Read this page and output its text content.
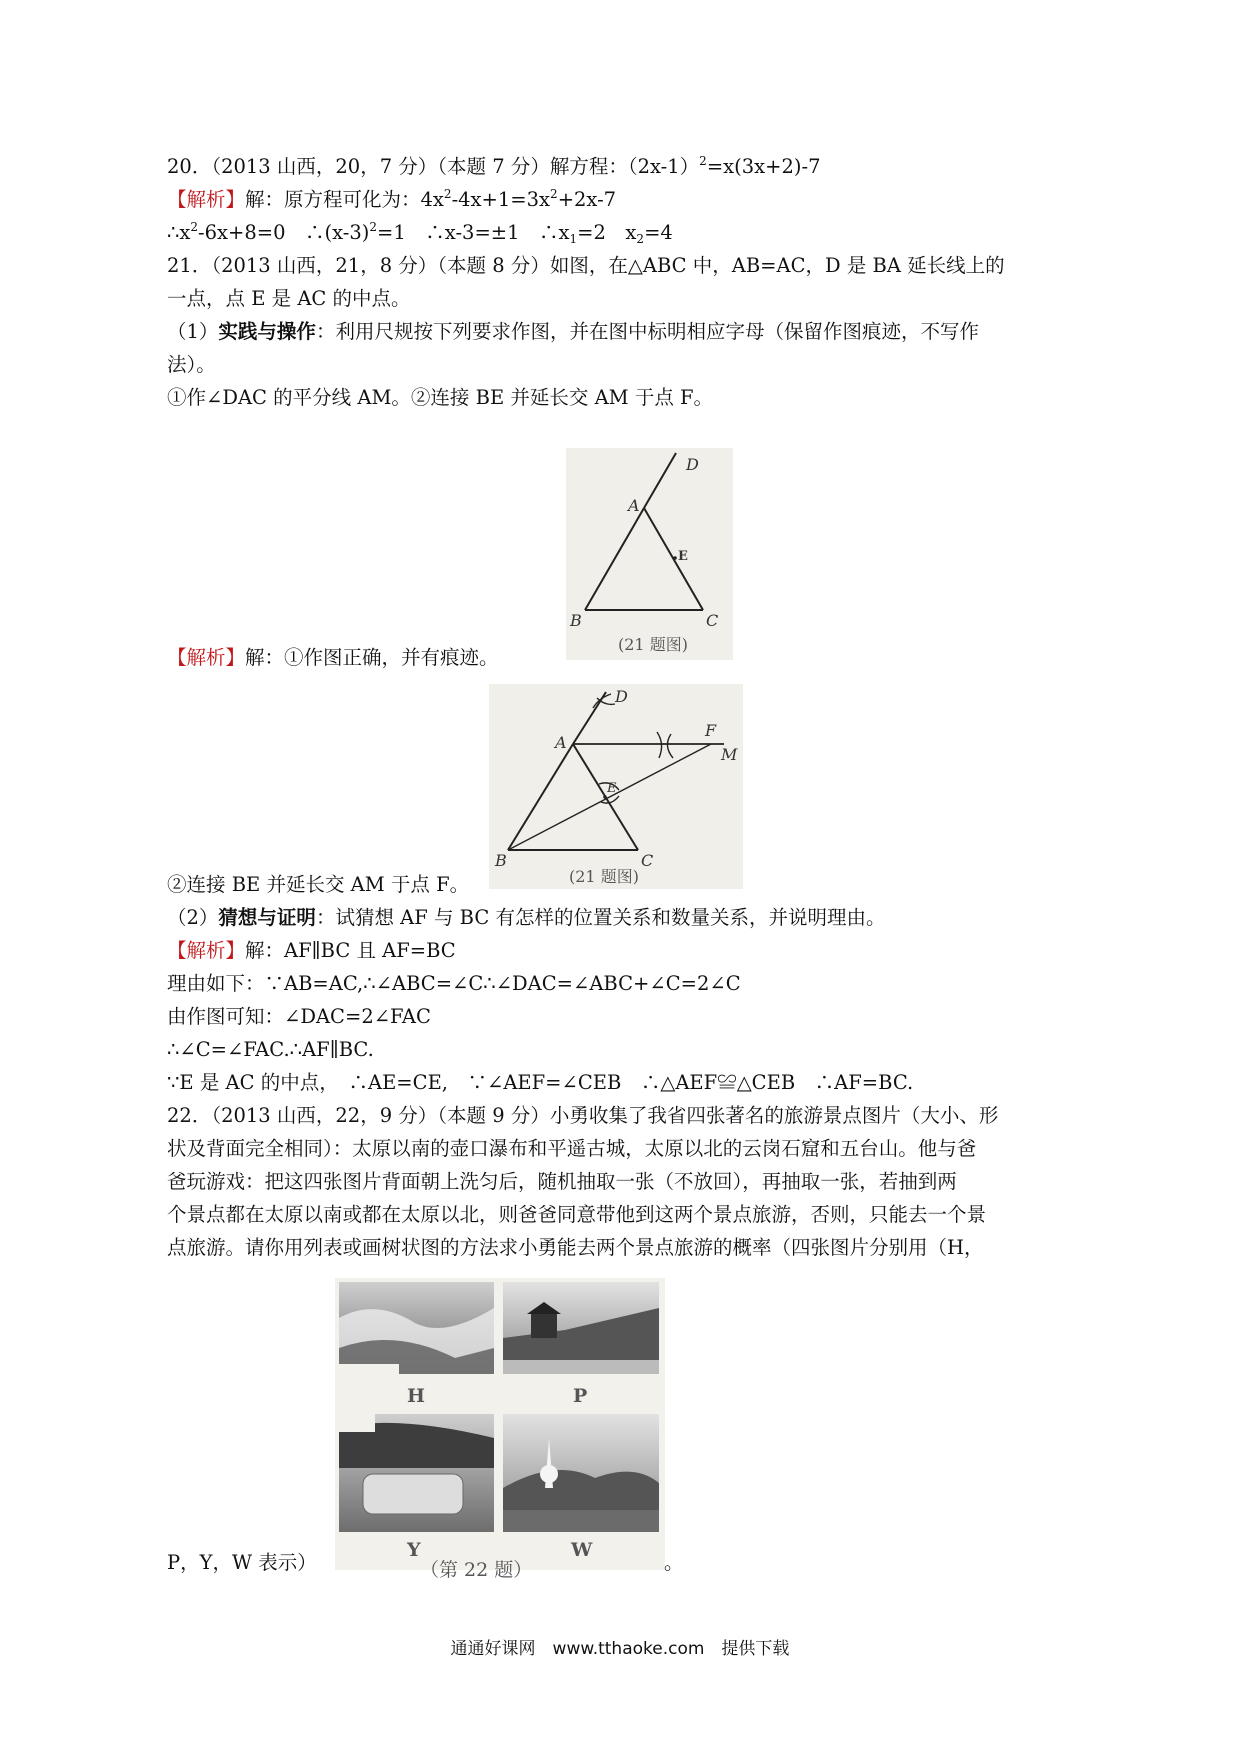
20．（2013 山西，20，7 分）（本题 7 分）解方程：$(2x-1)^2=x(3x+2)-7$
【解析】解：原方程可化为：$4x^2-4x+1=3x^2+2x-7$
$\therefore x^2-6x+8=0$　$\therefore(x-3)^2=1$　∴x-3=±1　$\therefore x_1=2$　$x_2=4$
21．（2013 山西，21，8 分）（本题 8 分）如图，在△ABC 中，AB=AC，D 是 BA 延长线上的
一点，点 E 是 AC 的中点。
（1）实践与操作：利用尺规按下列要求作图，并在图中标明相应字母（保留作图痕迹，不写作
法）。
①作∠DAC 的平分线 AM。②连接 BE 并延长交 AM 于点 F。
D
A
E
B	C
(21 题图)
【解析】解：①作图正确，并有痕迹。
D
A
E
F
M
B	C
(21 题图)
②连接 BE 并延长交 AM 于点 F。
（2）猜想与证明：试猜想 AF 与 BC 有怎样的位置关系和数量关系，并说明理由。
【解析】解：AF∥BC 且 AF=BC
理由如下：∵AB=AC,∴∠ABC=∠C∴∠DAC=∠ABC+∠C=2∠C
由作图可知：∠DAC=2∠FAC
∴∠C=∠FAC.∴AF∥BC.
∵E 是 AC 的中点，　∴AE=CE,　∵∠AEF=∠CEB　∴△AEF≌△CEB　∴AF=BC.
22．（2013 山西，22，9 分）（本题 9 分）小勇收集了我省四张著名的旅游景点图片（大小、形
状及背面完全相同）：太原以南的壶口瀑布和平遥古城，太原以北的云岗石窟和五台山。他与爸
爸玩游戏：把这四张图片背面朝上洗匀后，随机抽取一张（不放回），再抽取一张，若抽到两
个景点都在太原以南或都在太原以北，则爸爸同意带他到这两个景点旅游，否则，只能去一个景
点旅游。请你用列表或画树状图的方法求小勇能去两个景点旅游的概率（四张图片分别用（H，
H	P
Y	W
（第 22 题）
P，Y，W 表示）	。
通通好课网　www.tthaoke.com　提供下载
